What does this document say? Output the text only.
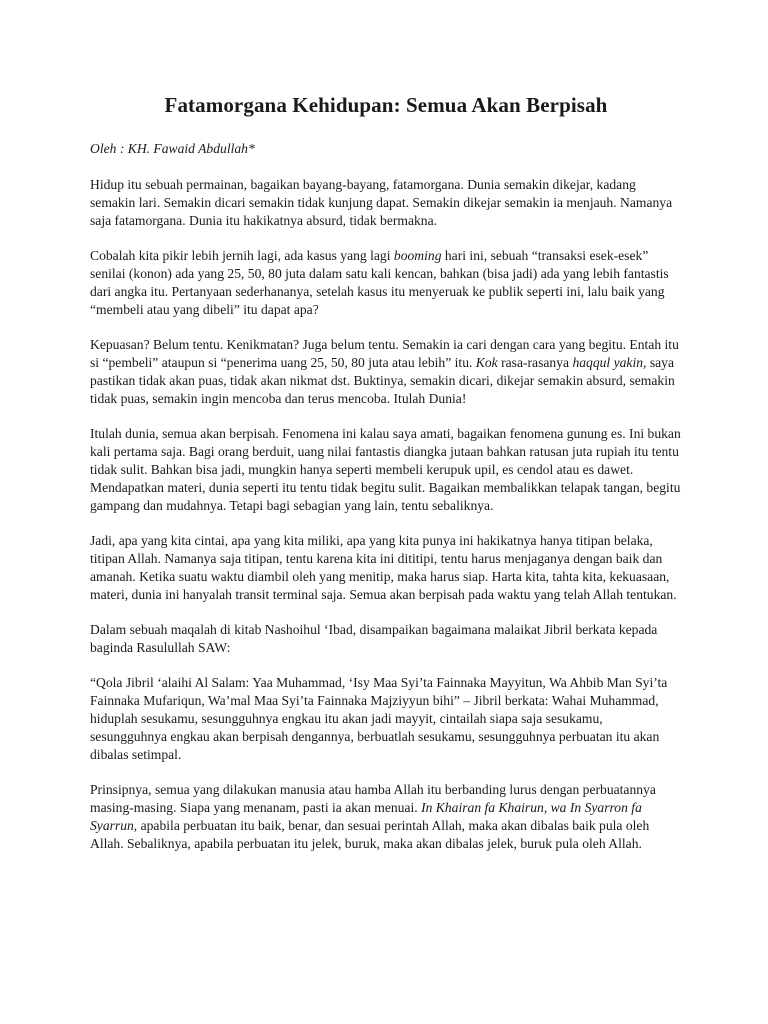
Fatamorgana Kehidupan: Semua Akan Berpisah
Oleh : KH. Fawaid Abdullah*

Hidup itu sebuah permainan, bagaikan bayang-bayang, fatamorgana. Dunia semakin dikejar, kadang semakin lari. Semakin dicari semakin tidak kunjung dapat. Semakin dikejar semakin ia menjauh. Namanya saja fatamorgana. Dunia itu hakikatnya absurd, tidak bermakna.

Cobalah kita pikir lebih jernih lagi, ada kasus yang lagi booming hari ini, sebuah “transaksi esek-esek” senilai (konon) ada yang 25, 50, 80 juta dalam satu kali kencan, bahkan (bisa jadi) ada yang lebih fantastis dari angka itu. Pertanyaan sederhananya, setelah kasus itu menyeruak ke publik seperti ini, lalu baik yang “membeli atau yang dibeli” itu dapat apa?

Kepuasan? Belum tentu. Kenikmatan? Juga belum tentu. Semakin ia cari dengan cara yang begitu. Entah itu si “pembeli” ataupun si “penerima uang 25, 50, 80 juta atau lebih” itu. Kok rasa-rasanya haqqul yakin, saya pastikan tidak akan puas, tidak akan nikmat dst. Buktinya, semakin dicari, dikejar semakin absurd, semakin tidak puas, semakin ingin mencoba dan terus mencoba. Itulah Dunia!

Itulah dunia, semua akan berpisah. Fenomena ini kalau saya amati, bagaikan fenomena gunung es. Ini bukan kali pertama saja. Bagi orang berduit, uang nilai fantastis diangka jutaan bahkan ratusan juta rupiah itu tentu tidak sulit. Bahkan bisa jadi, mungkin hanya seperti membeli kerupuk upil, es cendol atau es dawet. Mendapatkan materi, dunia seperti itu tentu tidak begitu sulit. Bagaikan membalikkan telapak tangan, begitu gampang dan mudahnya. Tetapi bagi sebagian yang lain, tentu sebaliknya.

Jadi, apa yang kita cintai, apa yang kita miliki, apa yang kita punya ini hakikatnya hanya titipan belaka, titipan Allah. Namanya saja titipan, tentu karena kita ini dititipi, tentu harus menjaganya dengan baik dan amanah. Ketika suatu waktu diambil oleh yang menitip, maka harus siap. Harta kita, tahta kita, kekuasaan, materi, dunia ini hanyalah transit terminal saja. Semua akan berpisah pada waktu yang telah Allah tentukan.

Dalam sebuah maqalah di kitab Nashoihul ‘Ibad, disampaikan bagaimana malaikat Jibril berkata kepada baginda Rasulullah SAW:

“Qola Jibril ‘alaihi Al Salam: Yaa Muhammad, ‘Isy Maa Syi’ta Fainnaka Mayyitun, Wa Ahbib Man Syi’ta Fainnaka Mufariqun, Wa’mal Maa Syi’ta Fainnaka Majziyyun bihi” – Jibril berkata: Wahai Muhammad, hiduplah sesukamu, sesungguhnya engkau itu akan jadi mayyit, cintailah siapa saja sesukamu, sesungguhnya engkau akan berpisah dengannya, berbuatlah sesukamu, sesungguhnya perbuatan itu akan dibalas setimpal.

Prinsipnya, semua yang dilakukan manusia atau hamba Allah itu berbanding lurus dengan perbuatannya masing-masing. Siapa yang menanam, pasti ia akan menuai. In Khairan fa Khairun, wa In Syarron fa Syarrun, apabila perbuatan itu baik, benar, dan sesuai perintah Allah, maka akan dibalas baik pula oleh Allah. Sebaliknya, apabila perbuatan itu jelek, buruk, maka akan dibalas jelek, buruk pula oleh Allah.
